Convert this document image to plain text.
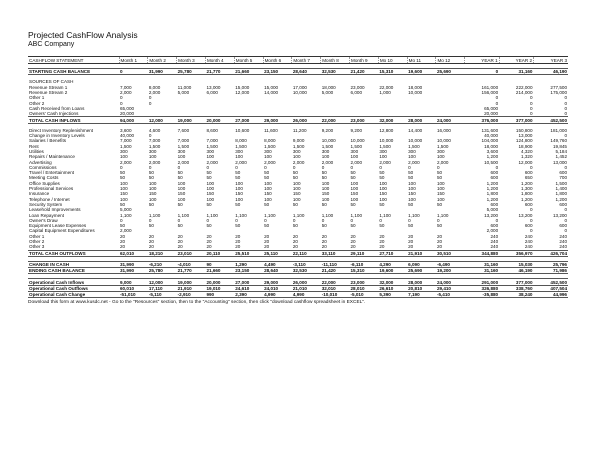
Projected CashFlow Analysis
ABC Company
CASHFLOW STATEMENT	Month 1	Month 2	Month 3	Month 4	Month 5	Month 6	Month 7	Month 8	Month 9	Mo 10	Mo 11	Mo 12	YEAR 1	YEAR 2	YEAR 3

STARTING CASH BALANCE	0	31,990	25,780	21,770	21,660	23,150	28,640	32,530	21,420	15,310	19,600	25,690	0	31,160	46,190

SOURCES OF CASH															
Revenue Stream 1	7,000	8,000	11,000	13,000	15,000	15,000	17,000	18,000	23,000	22,000	18,000		161,000	222,000	277,500
Revenue Stream 2	2,000	2,000	5,000	6,000	12,000	14,000	10,000	5,000	6,000	1,000	10,000		156,000	214,000	175,000
Other 1	0	0											0	0	0
Other 2	0	0											0	0	0
Cash Received from Loans	65,000												65,000	0	0
Owners' Cash Injections	20,000												20,000	0	0
TOTAL CASH INFLOWS	94,000	12,000	19,000	20,000	27,000	29,000	26,000	22,000	23,000	32,000	28,000	24,000	376,000	377,000	452,500

Direct Inventory Replenishment	3,600	4,600	7,600	8,600	10,600	11,600	11,200	9,200	9,200	12,800	14,400	16,000	131,600	150,800	181,000
Change in Inventory Levels	40,000	0											40,000	13,000	0
Salaries / Benefits	7,000	7,000	7,000	7,000	8,000	8,000	9,000	10,000	10,000	10,000	10,000	10,000	104,000	124,800	149,760
Rent	1,500	1,500	1,500	1,500	1,500	1,500	1,500	1,500	1,500	1,500	1,500	1,500	18,000	18,900	19,845
Utilities	300	300	300	300	300	300	300	300	300	300	300	300	3,600	4,320	5,184
Repairs / Maintenance	100	100	100	100	100	100	100	100	100	100	100	100	1,200	1,320	1,452
Advertising	2,000	2,000	2,000	2,000	2,000	2,000	2,000	2,000	2,000	2,000	2,000	2,000	10,500	12,000	13,000
Commissions	0	0	0	0	0	0	0	0	0	0	0	0	0	0	0
Travel / Entertainment	50	50	50	50	50	50	50	50	50	50	50	50	600	600	600
Meeting Costs	50	50	50	50	50	50	50	50	50	50	50	50	600	650	700
Office Supplies	100	100	100	100	100	100	100	100	100	100	100	100	1,200	1,200	1,500
Professional Services	100	100	100	100	100	100	100	100	100	100	100	100	1,200	1,300	1,400
Insurance	150	150	150	150	150	150	150	150	150	150	150	150	1,800	1,800	1,800
Telephone / Internet	100	100	100	100	100	100	100	100	100	100	100	100	1,200	1,200	1,200
Security System	50	50	50	50	50	50	50	50	50	50	50	50	600	600	600
Leasehold Improvements	5,000												5,000	0	0
Loan Repayment	1,100	1,100	1,100	1,100	1,100	1,100	1,100	1,100	1,100	1,100	1,100	1,100	13,200	13,200	13,200
Owner's Draw	0	0	0	0	0	0	0	0	0	0	0	0	0	0	0
Equipment Lease Expenses	50	50	50	50	50	50	50	50	50	50	50	50	600	600	600
Capital Equipment Expenditures	2,000												2,000	0	0
Other 1	20	20	20	20	20	20	20	20	20	20	20	20	240	240	240
Other 2	20	20	20	20	20	20	20	20	20	20	20	20	240	240	240
Other 3	20	20	20	20	20	20	20	20	20	20	20	20	240	240	240
TOTAL CASH OUTFLOWS	62,010	18,210	23,010	20,110	25,510	25,110	22,110	33,110	29,110	27,710	21,910	30,510	344,880	356,970	426,704

CHANGE IN CASH	31,990	-6,210	-4,010	90	1,290	4,490	-3,110	-11,110	-6,110	4,290	6,090	-6,490	31,160	15,030	25,796
ENDING CASH BALANCE	31,990	25,780	21,770	21,660	23,150	28,640	32,530	21,420	15,310	19,600	25,690	19,200	31,160	46,190	71,986

Operational Cash Inflows	9,000	12,000	19,000	20,000	27,000	29,000	26,000	22,000	23,000	32,000	28,000	24,000	291,000	377,000	452,500
Operational Cash Outflows	60,010	17,110	21,910	19,010	24,610	24,010	21,010	32,010	28,010	26,610	20,810	29,410	326,880	338,760	407,504
Operational Cash Change	-51,010	-5,110	-2,910	990	2,390	4,990	4,990	-10,010	-5,010	5,390	7,190	-5,410	-35,880	38,240	44,996
Download this form at www.kusdc.net - Go to the "Resources" section, then to the "Accounting" section, then click "download cashflow spreadsheet in EXCEL".
